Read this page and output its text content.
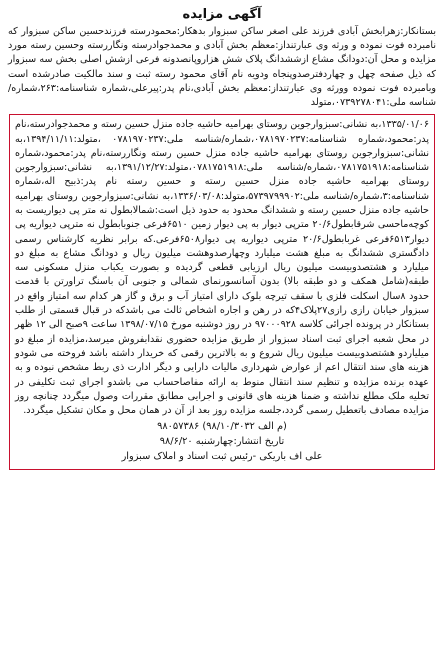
آگهی مزایده

بستانکار:زهرابخش آبادی فرزند علی اصغر ساکن سبزوار بدهکار:محمودرسته فرزندحسین ساکن سبزوار که نامبرده فوت نموده و ورثه وی عبارتنداز:معظم بخش آبادی و محمدجوادرسته ونگاررسته وحسین رسته مورد مزایده و محل آن:دودانگ مشاع ازششدانگ پلاک شش هزاروپانصدونه فرعی ازشش اصلی بخش سه سبزوار که ذیل صفحه چهل و چهاردفترصدوپنجاه ودویه نام آقای محمود رسته ثبت و سند مالکیت صادرشده است وبامبرده فوت نموده وورثه وی عبارتنداز:معظم بخش آبادی،نام پدر:پیرعلی،شماره شناسنامه:۲۶۳،شماره/شناسه ملی:۰۷۳۹۲۷۸۰۴۱،متولد

۱۳۳۵/۰۱/۰۶،به نشانی:سبزوارجوین روستای بهرامیه حاشیه جاده منزل حسین رسته و محمدجوادرسته،نام پدر:محمود،شماره شناسنامه:۰۷۸۱۹۷۰۲۳۷،شماره/شناسه ملی:۰۷۸۱۹۷۰۲۳۷ ،متولد:۱۳۹۴/۱۱/۱۱،به نشانی:سبزوارجوین روستای بهرامیه حاشیه جاده منزل حسین رسته ونگاررسته،نام پدر:محمود،شماره شناسنامه:۰۷۸۱۷۵۱۹۱۸،شماره/شناسه ملی:۰۷۸۱۷۵۱۹۱۸،متولد:۱۳۹۱/۱۲/۲۷،به نشانی:سبزوارجوین روستای بهرامیه حاشیه جاده منزل حسین رسته و حسین رسته نام پدر:ذبیح اله،شماره شناسنامه:۳،شماره/شناسه ملی:۵۷۳۹۷۹۹۹۰۲،متولد:۱۳۳۶/۰۳/۰۸،به نشانی:سبزوارجوین روستای بهرامیه حاشیه جاده منزل حسین رسته و ششدانگ محدود به حدود ذیل است:شمالابطول نه متر پی دیواریست به کوچه‌ماحسی شرقابطول۲۰/۶ مترپی دیوار به پی دیوار زمین ۶۵۱۰فرعی جنوبابطول نه مترپی دیواریه پی دیوار۶۵۱۳فرعی غربابطول۲۰/۶ مترپی دیواریه پی دیوار۶۵۰۸فرعی.که برابر نظریه کارشناس رسمی دادگستری ششدانگ به مبلغ هشت میلیارد وچهارصدوهشت میلیون ریال و دودانگ مشاع به مبلغ دو میلیارد و هشتصدوبیست میلیون ریال ارزیابی قطعی گردیده و بصورت یکباب منزل مسکونی سه طبقه(شامل همکف و دو طبقه بالا) بدون آسانسورنمای شمالی و جنوبی آن باسنگ تراورتن با قدمت حدود ۸سال اسکلت فلزی با سقف تیرچه بلوک دارای امتیاز آب و برق و گاز هر کدام سه امتیاز واقع در سبزوار خیابان رازی رازی۲۷پلاک۴که در رهن و اجاره اشخاص ثالث می باشدکه در قبال قسمتی از طلب بستانکار در پرونده اجرائی کلاسه ۹۷۰۰۰۹۲۸ در روز دوشنبه مورخ ۱۳۹۸/۰۷/۱۵ ساعت ۹صبح الی ۱۲ ظهر در محل شعبه اجرای ثبت اسناد سبزوار از طریق مزایده حضوری نقدابفروش میرسد،مزایده از مبلغ دو میلیاردو هشتصدوبیست میلیون ریال شروع و به بالاترین رقمی که خریدار داشته باشد فروخته می شودو هزینه های سند انتقال اعم از عوارض شهرداری مالیات دارایی و دیگر ادارت ذی ربط مشخص نبوده و به عهده برنده مزایده و تنظیم سند انتقال منوط به ارائه مفاصاحساب می باشدو اجرای ثبت تکلیفی در تخلیه ملک مطلع نداشته و ضمنا هزینه های قانونی و اجرایی مطابق مقررات وصول میگردد چنانچه روز مزایده مصادف باتعطیل رسمی گردد،جلسه مزایده روز بعد از آن در همان محل و مکان تشکیل میگردد.

(م الف ۹۸/۱۰/۳۰۳۲) ۹۸۰۵۷۳۸۶
تاریخ انتشار:چهارشنبه ۹۸/۶/۲۰
علی اف باریکی -رئیس ثبت اسناد و املاک سبزوار
